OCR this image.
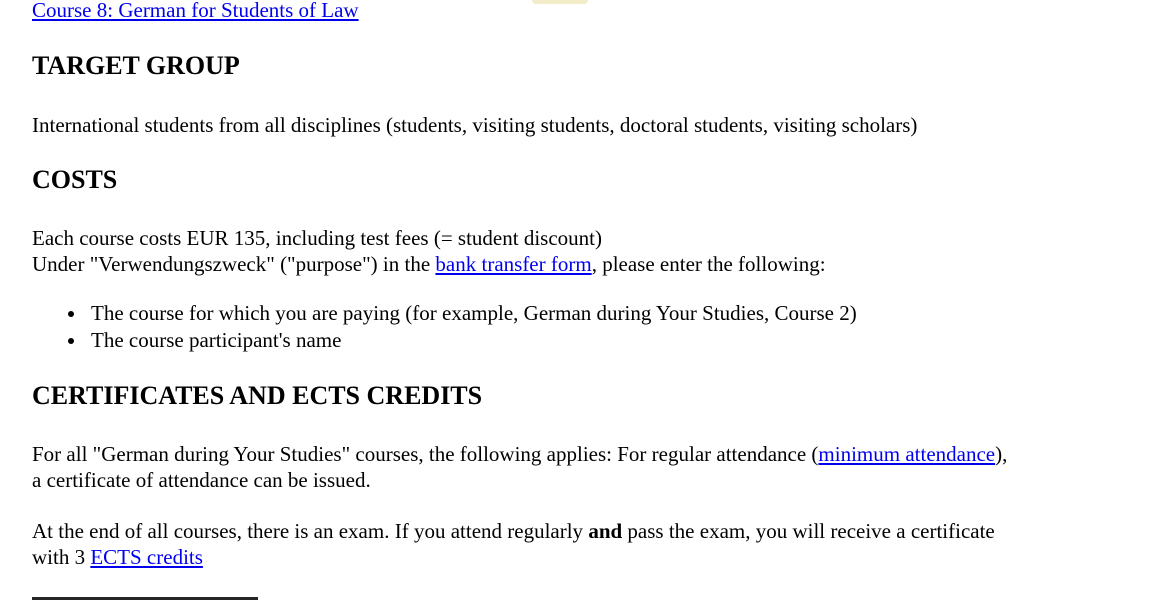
Course 8: German for Students of Law
TARGET GROUP

International students from all disciplines (students, visiting students, doctoral students, visiting scholars)

COSTS

Each course costs EUR 135, including test fees (= student discount)

Under "Verwendungszweck" ("purpose") in the bank transfer form, please enter the following:

The course for which you are paying (for example, German during Your Studies, Course 2)
The course participant's name
CERTIFICATES AND ECTS CREDITS

For all "German during Your Studies" courses, the following applies: For regular attendance (minimum attendance),

a certificate of attendance can be issued.

At the end of all courses, there is an exam. If you attend regularly and pass the exam, you will receive a certificate

with 3 ECTS credits
